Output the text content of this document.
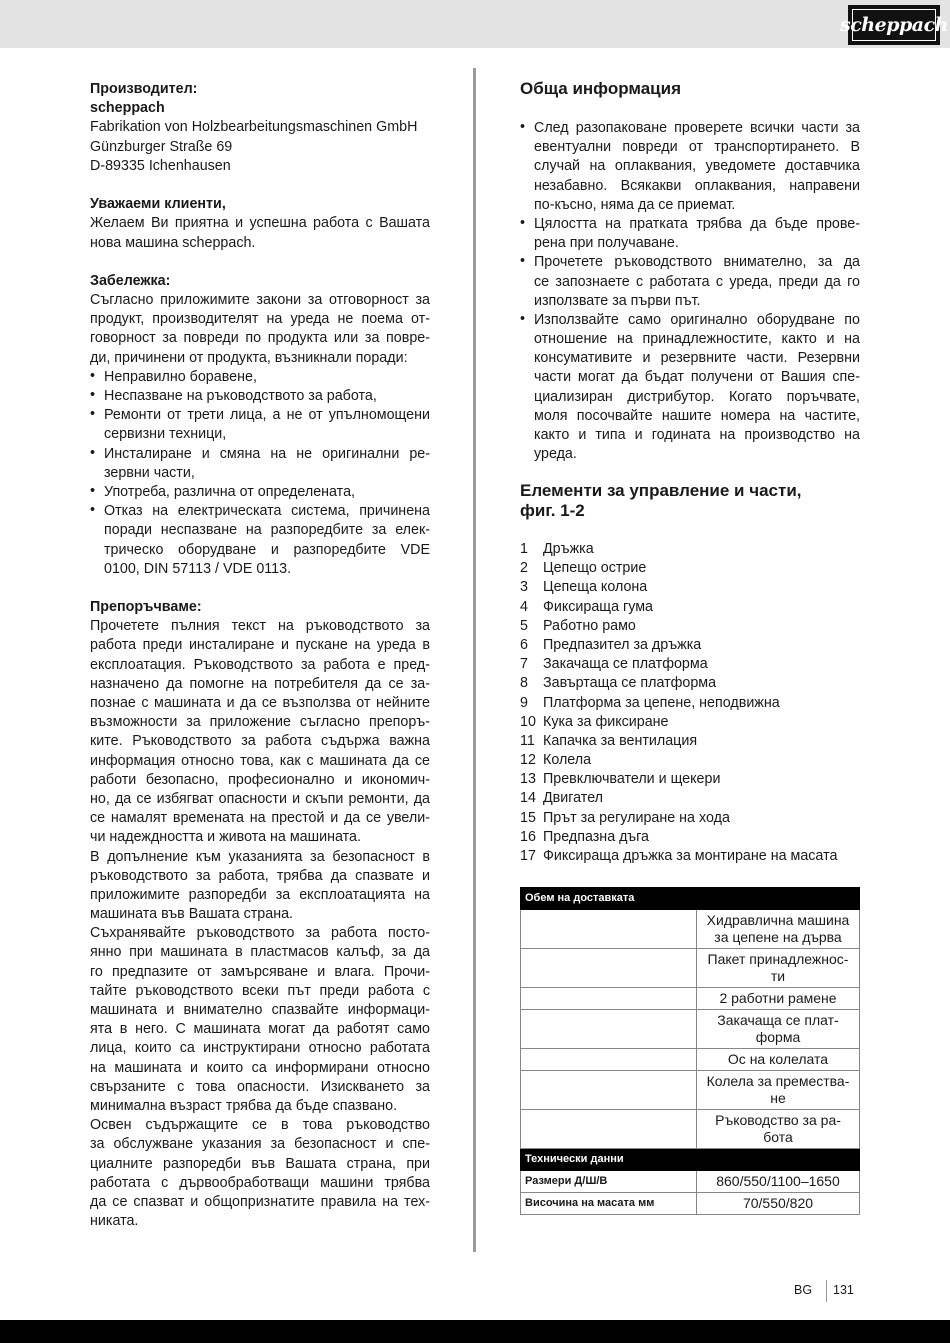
scheppach
Производител:
scheppach
Fabrikation von Holzbearbeitungsmaschinen GmbH
Günzburger Straße 69
D-89335 Ichenhausen
Уважаеми клиенти,
Желаем Ви приятна и успешна работа с Вашата
нова машина scheppach.
Забележка:
Съгласно приложимите закони за отговорност за
продукт, производителят на уреда не поема от-
говорност за повреди по продукта или за повре-
ди, причинени от продукта, възникнали поради:
• Неправилно боравене,
• Неспазване на ръководството за работа,
• Ремонти от трети лица, а не от упълномощени
сервизни техници,
• Инсталиране и смяна на не оригинални ре-
зервни части,
• Употреба, различна от определената,
• Отказ на електрическата система, причинена
поради неспазване на разпоредбите за елек-
трическо оборудване и разпоредбите VDE
0100, DIN 57113 / VDE 0113.
Препоръчваме:
Прочетете пълния текст на ръководството за
работа преди инсталиране и пускане на уреда в
експлоатация. Ръководството за работа е пред-
назначено да помогне на потребителя да се за-
познае с машината и да се възползва от нейните
възможности за приложение съгласно препоръ-
ките. Ръководството за работа съдържа важна
информация относно това, как с машината да се
работи безопасно, професионално и икономич-
но, да се избягват опасности и скъпи ремонти, да
се намалят времената на престой и да се увели-
чи надеждността и живота на машината.
В допълнение към указанията за безопасност в
ръководството за работа, трябва да спазвате и
приложимите разпоредби за експлоатацията на
машината във Вашата страна.
Съхранявайте ръководството за работа посто-
янно при машината в пластмасов калъф, за да
го предпазите от замърсяване и влага. Прочи-
тайте ръководството всеки път преди работа с
машината и внимателно спазвайте информаци-
ята в него. С машината могат да работят само
лица, които са инструктирани относно работата
на машината и които са информирани относно
свързаните с това опасности. Изискването за
минимална възраст трябва да бъде спазвано.
Освен съдържащите се в това ръководство
за обслужване указания за безопасност и спе-
циалните разпоредби във Вашата страна, при
работата с дървообработващи машини трябва
да се спазват и общопризнатите правила на тех-
никата.
Обща информация
• След разопаковане проверете всички части за
евентуални повреди от транспортирането. В
случай на оплаквания, уведомете доставчика
незабавно. Всякакви оплаквания, направени
по-късно, няма да се приемат.
• Цялостта на пратката трябва да бъде прове-
рена при получаване.
• Прочетете ръководството внимателно, за да
се запознаете с работата с уреда, преди да го
използвате за първи път.
• Използвайте само оригинално оборудване по
отношение на принадлежностите, както и на
консумативите и резервните части. Резервни
части могат да бъдат получени от Вашия спе-
циализиран дистрибутор. Когато поръчвате,
моля посочвайте нашите номера на частите,
както и типа и годината на производство на
уреда.
Елементи за управление и части,
фиг. 1-2
1	Дръжка
2	Цепещо острие
3	Цепеща колона
4	Фиксираща гума
5	Работно рамо
6	Предпазител за дръжка
7	Закачаща се платформа
8	Завъртаща се платформа
9	Платформа за цепене, неподвижна
10 Кука за фиксиране
11 Капачка за вентилация
12 Колела
13 Превключватели и щекери
14 Двигател
15 Прът за регулиране на хода
16 Предпазна дъга
17 Фиксираща дръжка за монтиране на масата
Обем на доставката	

	Хидравлична машина
за цепене на дърва

	Пакет принадлежнос-
ти

	2 работни рамене

	Закачаща се плат-
форма

	Ос на колелата

	Колела за премества-
не

	Ръководство за ра-
бота

Технически данни	
Размери Д/Ш/В	860/550/1100–1650
Височина на масата мм	70/550/820
BG 131
